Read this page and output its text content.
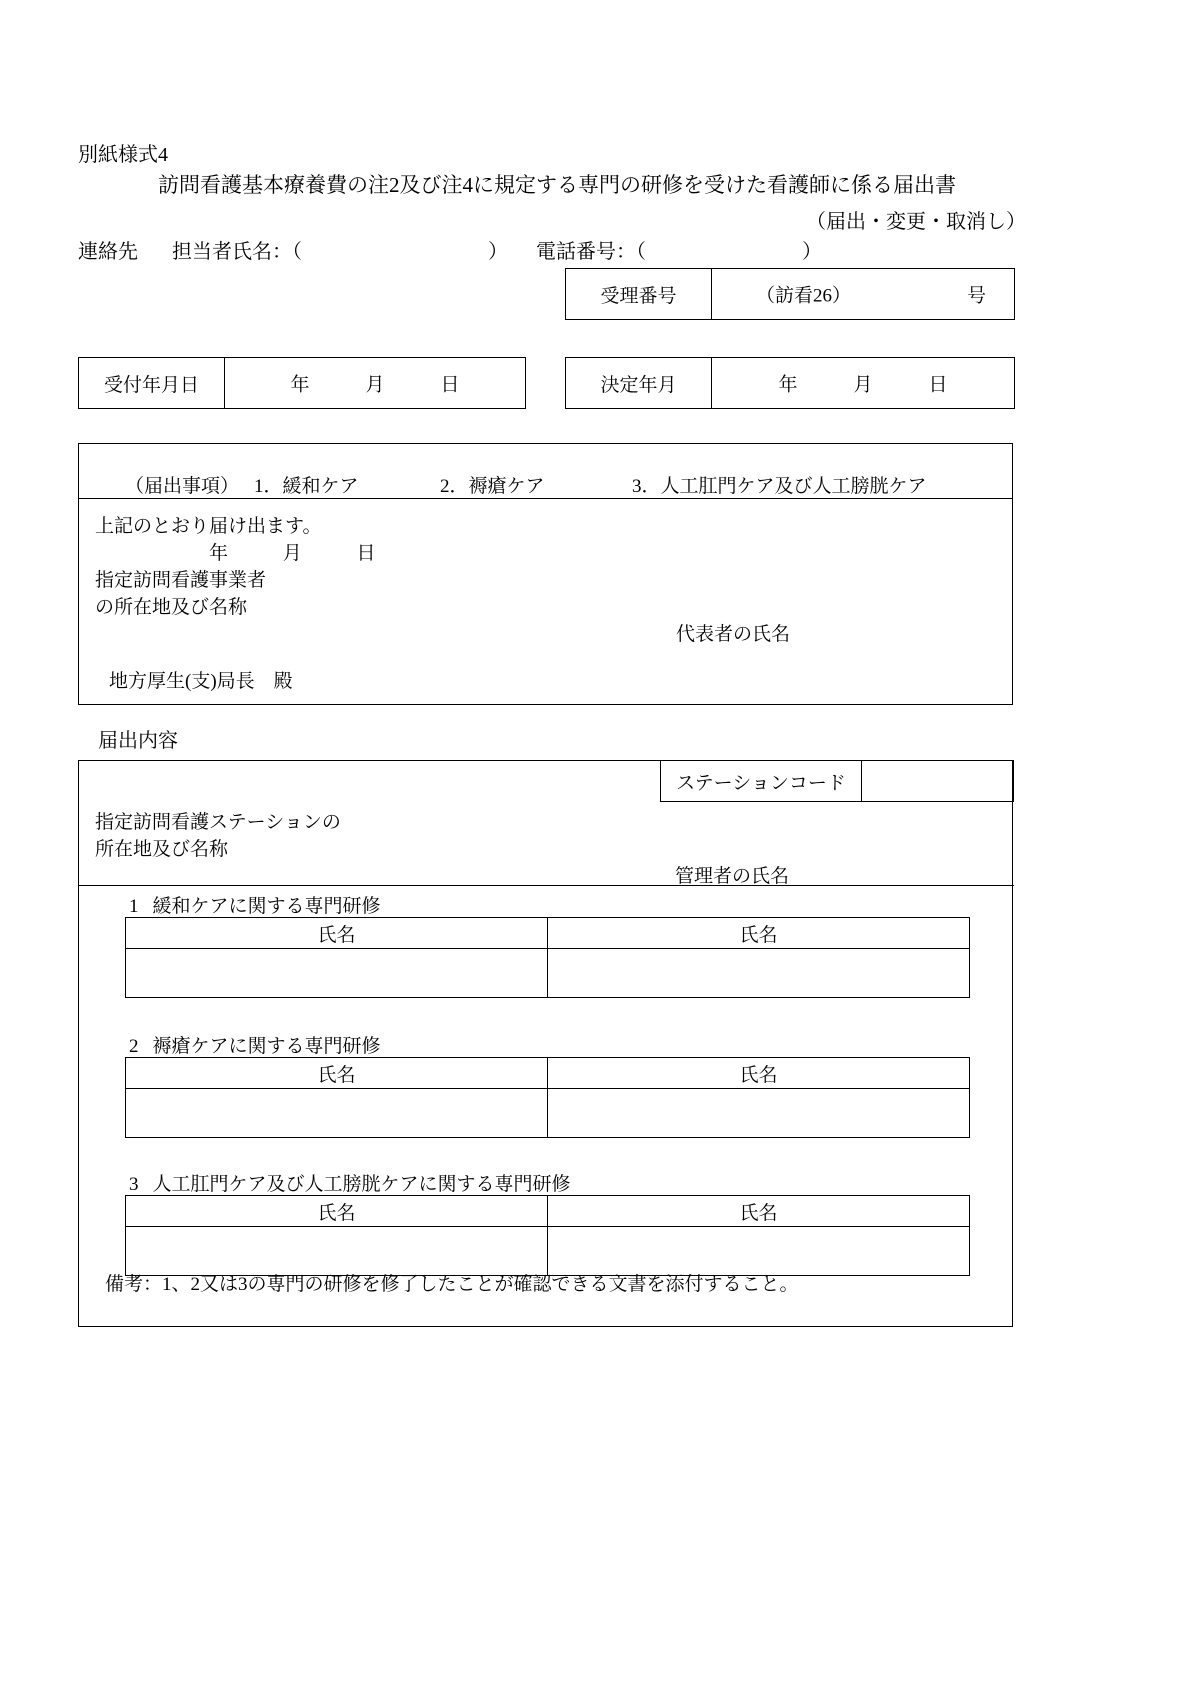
別紙様式4
訪問看護基本療養費の注2及び注4に規定する専門の研修を受けた看護師に係る届出書
（届出・変更・取消し）
連絡先 担当者氏名：（	） 電話番号：（	）
受理番号	（訪看26）	号
受付年月日	年	月	日	決定年月	年	月	日
（届出事項） 1．緩和ケア	2．褥瘡ケア	3．人工肛門ケア及び人工膀胱ケア
上記のとおり届け出ます。
年	月	日
指定訪問看護事業者
の所在地及び名称
代表者の氏名
地方厚生(支)局長　殿
届出内容
指定訪問看護ステーションの
所在地及び名称
管理者の氏名
1 緩和ケアに関する専門研修
氏名	氏名

2 褥瘡ケアに関する専門研修
氏名	氏名

3 人工肛門ケア及び人工膀胱ケアに関する専門研修
氏名	氏名

備考：1、2又は3の専門の研修を修了したことが確認できる文書を添付すること。
ステーションコード	
